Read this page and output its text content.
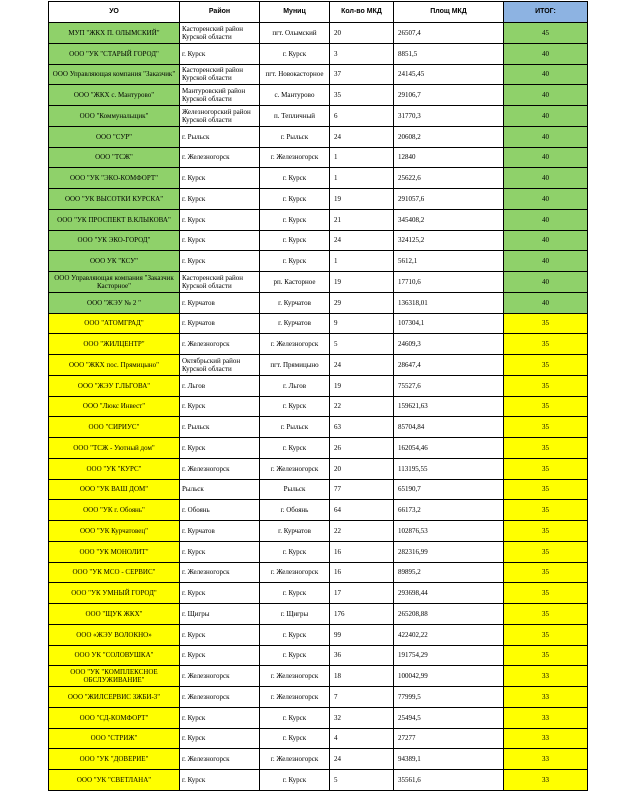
УО	Район	Муниц	Кол-во МКД	Площ МКД	ИТОГ:
МУП "ЖКХ П. ОЛЫМСКИЙ"	Касторенский район Курской области	пгт. Олымский	20	26507,4	45
ООО "УК "СТАРЫЙ ГОРОД"	г. Курск	г. Курск	3	8851,5	40
ООО Управляющая компания "Заказчик"	Касторенский район Курской области	пгт. Новокасторное	37	24145,45	40
ООО "ЖКХ с. Мантурово"	Мантуровский район Курской области	с. Мантурово	35	29106,7	40
ООО "Коммунальщик"	Железногорский район Курской области	п. Тепличный	6	31770,3	40
ООО "СУР"	г. Рыльск	г. Рыльск	24	20608,2	40
ООО "ТСЖ"	г. Железногорск	г. Железногорск	1	12840	40
ООО "УК "ЭКО-КОМФОРТ"	г. Курск	г. Курск	1	25622,6	40
ООО "УК ВЫСОТКИ КУРСКА"	г. Курск	г. Курск	19	291057,6	40
ООО "УК ПРОСПЕКТ В.КЛЫКОВА"	г. Курск	г. Курск	21	345408,2	40
ООО "УК ЭКО-ГОРОД"	г. Курск	г. Курск	24	324125,2	40
ООО УК "КСУ"	г. Курск	г. Курск	1	5612,1	40
ООО Управляющая компания "Заказчик Касторное"	Касторенский район Курской области	рп. Касторное	19	17710,6	40
ООО "ЖЭУ № 2 "	г. Курчатов	г. Курчатов	29	136318,01	40
ООО "АТОМГРАД"	г. Курчатов	г. Курчатов	9	107304,1	35
ООО "ЖИЛЦЕНТР"	г. Железногорск	г. Железногорск	5	24609,3	35
ООО "ЖКХ пос. Прямицыно"	Октябрьский район Курской области	пгт. Прямицыно	24	28647,4	35
ООО "ЖЭУ Г.ЛЬГОВА"	г. Льгов	г. Льгов	19	75527,6	35
ООО "Люкс Инвест"	г. Курск	г. Курск	22	159621,63	35
ООО "СИРИУС"	г. Рыльск	г. Рыльск	63	85704,84	35
ООО "ТСЖ - Уютный дом"	г. Курск	г. Курск	26	162054,46	35
ООО "УК "КУРС"	г. Железногорск	г. Железногорск	20	113195,55	35
ООО "УК ВАШ ДОМ"	Рыльск	Рыльск	77	65190,7	35
ООО "УК г. Обоянь"	г. Обоянь	г. Обоянь	64	66173,2	35
ООО "УК Курчатовец"	г. Курчатов	г. Курчатов	22	102876,53	35
ООО "УК МОНОЛИТ"	г. Курск	г. Курск	16	282316,99	35
ООО "УК МСО - СЕРВИС"	г. Железногорск	г. Железногорск	16	89895,2	35
ООО "УК УМНЫЙ ГОРОД"	г. Курск	г. Курск	17	293698,44	35
ООО "ЩУК ЖКХ"	г. Щигры	г. Щигры	176	265208,88	35
ООО «ЖЭУ ВОЛОКНО»	г. Курск	г. Курск	99	422402,22	35
ООО УК "СОЛОВУШКА"	г. Курск	г. Курск	36	191754,29	35
ООО "УК "КОМПЛЕКСНОЕ ОБСЛУЖИВАНИЕ"	г. Железногорск	г. Железногорск	18	100042,99	33
ООО "ЖИЛСЕРВИС ЗЖБИ-3"	г. Железногорск	г. Железногорск	7	77999,5	33
ООО "СД-КОМФОРТ"	г. Курск	г. Курск	32	25494,5	33
ООО "СТРИЖ"	г. Курск	г. Курск	4	27277	33
ООО "УК "ДОВЕРИЕ"	г. Железногорск	г. Железногорск	24	94389,1	33
ООО "УК "СВЕТЛАНА"	г. Курск	г. Курск	5	35561,6	33
